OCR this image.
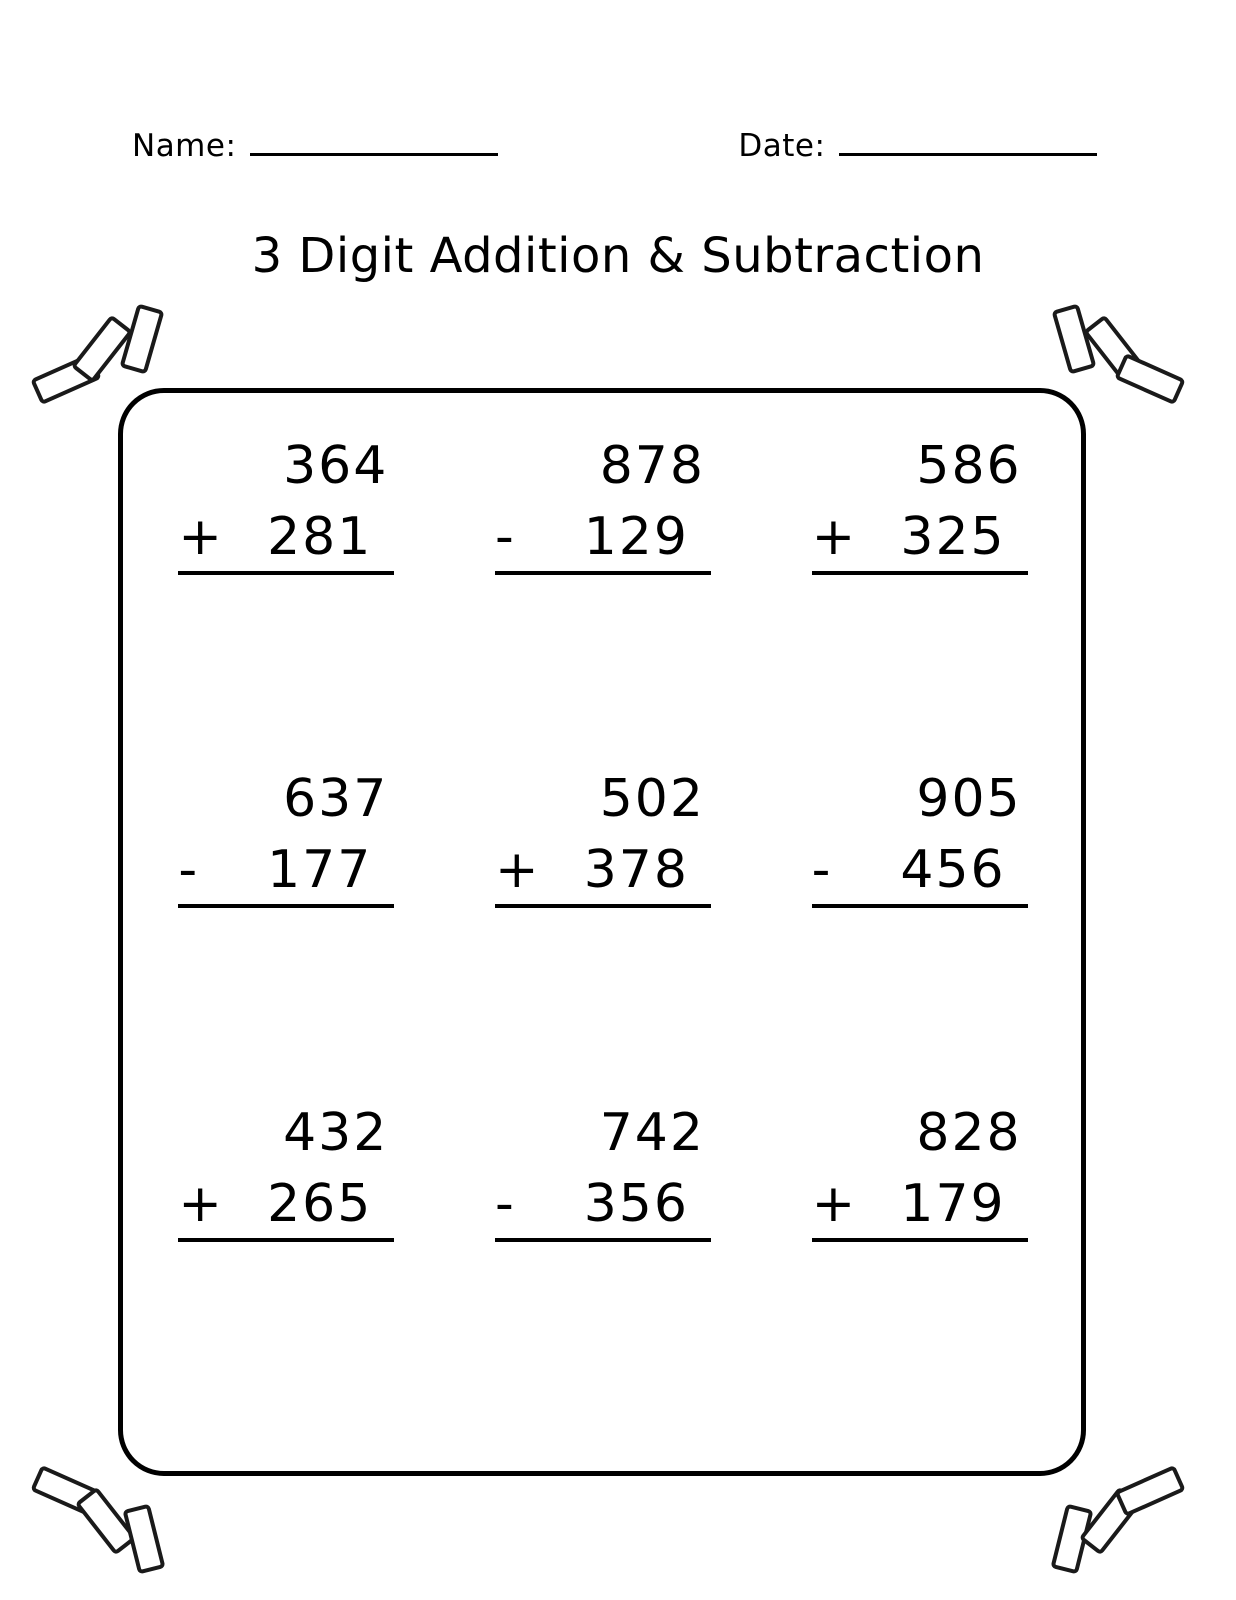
Name:	Date:
3 Digit Addition & Subtraction
364
+ 281
878
-	129
586
+ 325
637
-	177
502
+ 378
905
-	456
432
+ 265
742
-	356
828
+ 179
